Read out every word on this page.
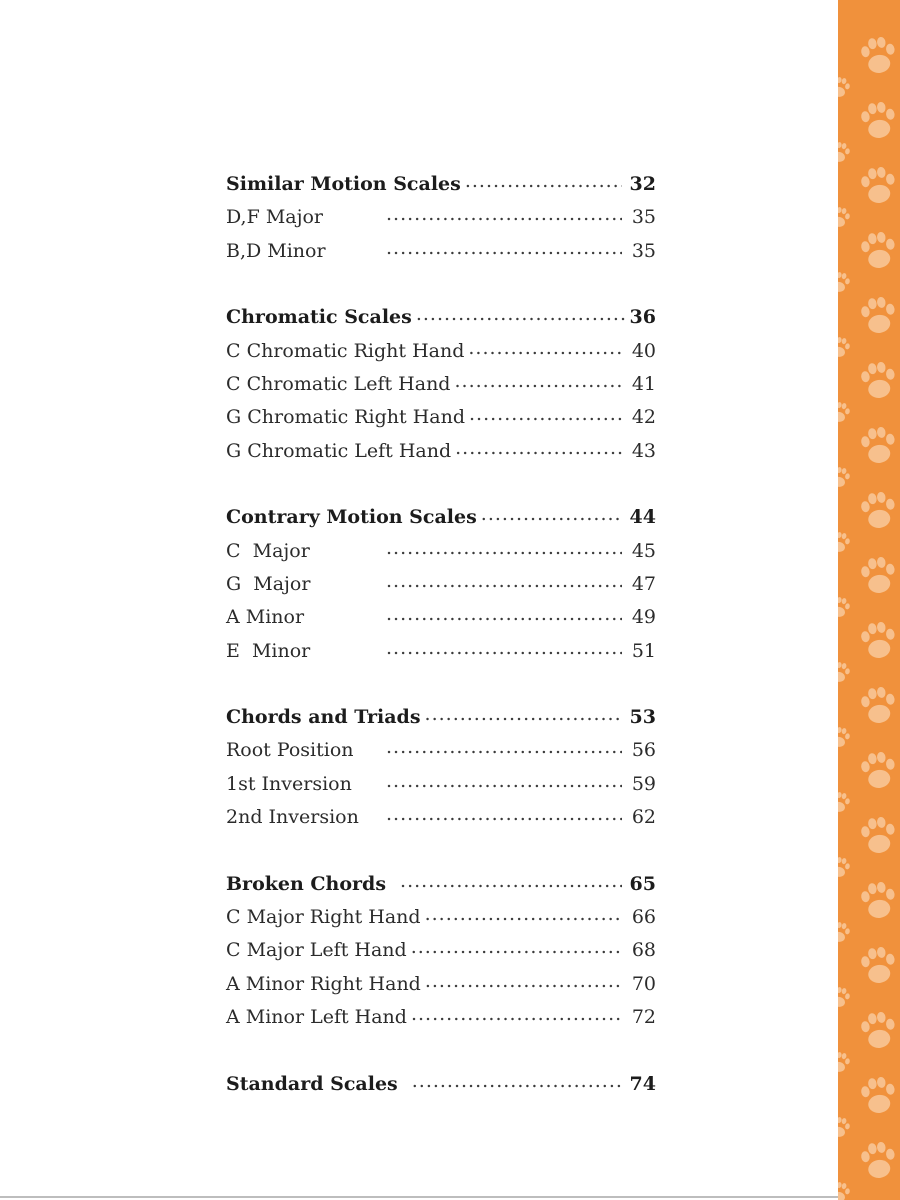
Similar Motion Scales .....	32
D,F Major .....	35
B,D Minor .....	35
Chromatic Scales .....	36
C Chromatic Right Hand .....	40
C Chromatic Left Hand .....	41
G Chromatic Right Hand .....	42
G Chromatic Left Hand .....	43
Contrary Motion Scales .....	44
C  Major .....	45
G  Major .....	47
A Minor .....	49
E  Minor .....	51
Chords and Triads .....	53
Root Position .....	56
1st Inversion .....	59
2nd Inversion .....	62
Broken Chords .....	65
C Major Right Hand .....	66
C Major Left Hand .....	68
A Minor Right Hand .....	70
A Minor Left Hand .....	72
Standard Scales .....	74
